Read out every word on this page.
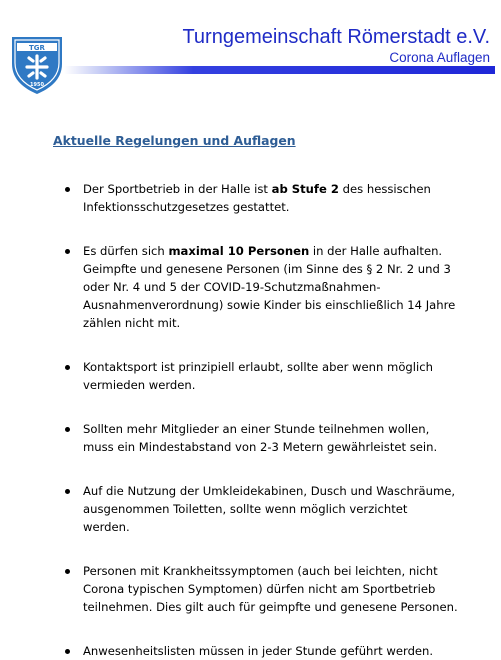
TGR
1950
Turngemeinschaft Römerstadt e.V.
Corona Auflagen
Aktuelle Regelungen und Auflagen
Der Sportbetrieb in der Halle ist ab Stufe 2 des hessischen
Infektionsschutzgesetzes gestattet.
Es dürfen sich maximal 10 Personen in der Halle aufhalten.
Geimpfte und genesene Personen (im Sinne des § 2 Nr. 2 und 3
oder Nr. 4 und 5 der COVID-19-Schutzmaßnahmen-
Ausnahmenverordnung) sowie Kinder bis einschließlich 14 Jahre
zählen nicht mit.
Kontaktsport ist prinzipiell erlaubt, sollte aber wenn möglich
vermieden werden.
Sollten mehr Mitglieder an einer Stunde teilnehmen wollen,
muss ein Mindestabstand von 2-3 Metern gewährleistet sein.
Auf die Nutzung der Umkleidekabinen, Dusch und Waschräume,
ausgenommen Toiletten, sollte wenn möglich verzichtet
werden.
Personen mit Krankheitssymptomen (auch bei leichten, nicht
Corona typischen Symptomen) dürfen nicht am Sportbetrieb
teilnehmen. Dies gilt auch für geimpfte und genesene Personen.
Anwesenheitslisten müssen in jeder Stunde geführt werden.
